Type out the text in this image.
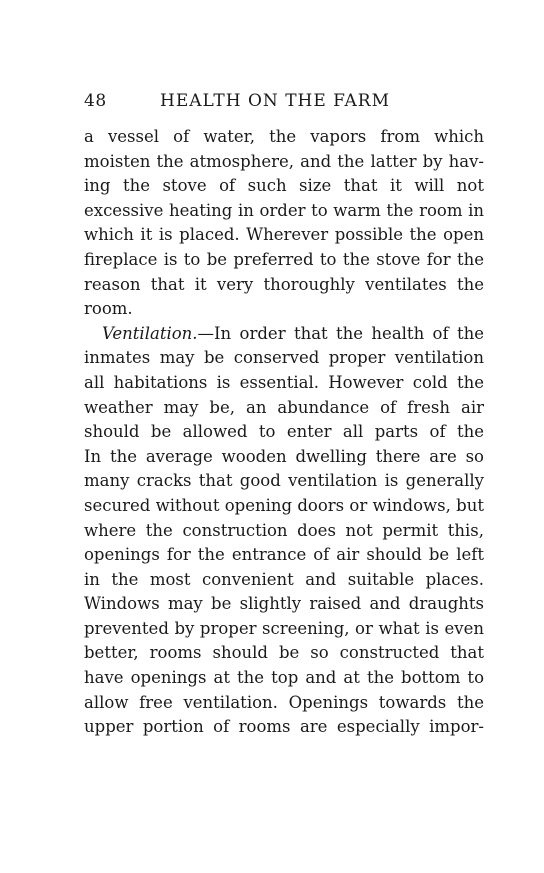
48	HEALTH ON THE FARM
a vessel of water, the vapors from which
moisten the atmosphere, and the latter by hav-
ing the stove of such size that it will not
excessive heating in order to warm the room in
which it is placed. Wherever possible the open
fireplace is to be preferred to the stove for the
reason that it very thoroughly ventilates the
room.
Ventilation.—In order that the health of the
inmates may be conserved proper ventilation
all habitations is essential. However cold the
weather may be, an abundance of fresh air
should be allowed to enter all parts of the
In the average wooden dwelling there are so
many cracks that good ventilation is generally
secured without opening doors or windows, but
where the construction does not permit this,
openings for the entrance of air should be left
in the most convenient and suitable places.
Windows may be slightly raised and draughts
prevented by proper screening, or what is even
better, rooms should be so constructed that
have openings at the top and at the bottom to
allow free ventilation. Openings towards the
upper portion of rooms are especially impor-
